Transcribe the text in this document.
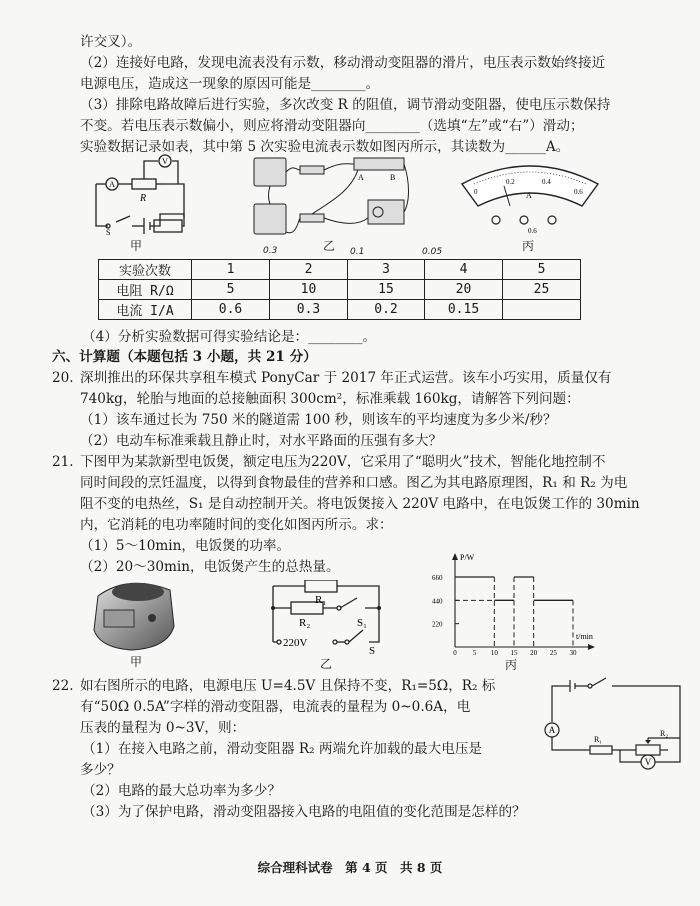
许交叉）。
（2）连接好电路，发现电流表没有示数，移动滑动变阻器的滑片，电压表示数始终接近
电源电压，造成这一现象的原因可能是________。
（3）排除电路故障后进行实验，多次改变 R 的阻值，调节滑动变阻器，使电压示数保持
不变。若电压表示数偏小，则应将滑动变阻器向________（选填“左”或“右”）滑动；
实验数据记录如表，其中第 5 次实验电流表示数如图丙所示，其读数为______A。
A
V
R
S
甲
A	B
乙
0.3	0.1	0.05
0
0.2	0.4
0.6
A
0.6
丙
实验次数	1	2	3	4	5
电阻 R/Ω	5	10	15	20	25
电流 I/A	0.6	0.3	0.2	0.15	
（4）分析实验数据可得实验结论是：________。
六、计算题（本题包括 3 小题，共 21 分）
20. 深圳推出的环保共享租车模式 PonyCar 于 2017 年正式运营。该车小巧实用，质量仅有
740kg，轮胎与地面的总接触面积 300cm²，标准乘载 160kg，请解答下列问题：
（1）该车通过长为 750 米的隧道需 100 秒，则该车的平均速度为多少米/秒？
（2）电动车标准乘载且静止时，对水平路面的压强有多大？
21. 下图甲为某款新型电饭煲，额定电压为220V，它采用了“聪明火”技术，智能化地控制不
同时间段的烹饪温度，以得到食物最佳的营养和口感。图乙为其电路原理图，R₁ 和 R₂ 为电
阻不变的电热丝，S₁ 是自动控制开关。将电饭煲接入 220V 电路中，在电饭煲工作的 30min
内，它消耗的电功率随时间的变化如图丙所示。求：
（1）5～10min，电饭煲的功率。
（2）20～30min，电饭煲产生的总热量。
甲
R₁
R₂	S₁
220V
S
乙
P/W
t/min
0 5 10 15 20 25 30
220
440
660
丙
22. 如右图所示的电路，电源电压 U=4.5V 且保持不变，R₁=5Ω，R₂ 标
有“50Ω 0.5A”字样的滑动变阻器，电流表的量程为 0~0.6A，电
压表的量程为 0~3V，则：
（1）在接入电路之前，滑动变阻器 R₂ 两端允许加载的最大电压是
多少？
（2）电路的最大总功率为多少？
（3）为了保护电路，滑动变阻器接入电路的电阻值的变化范围是怎样的？
A
V
R₁
R₂
综合理科试卷　第 4 页　共 8 页
